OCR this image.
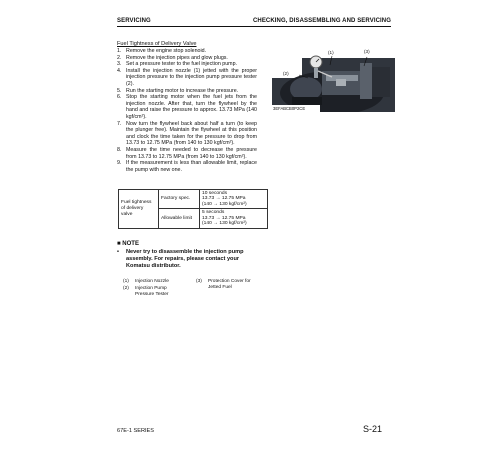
SERVICING	CHECKING, DISASSEMBLING AND SERVICING
Fuel Tightness of Delivery Valve
1. Remove the engine stop solenoid.
2. Remove the injection pipes and glow plugs.
3. Set a pressure tester to the fuel injection pump.
4. Install the injection nozzle (1) jetted with the proper injection pressure to the injection pump pressure tester (2).
5. Run the starting motor to increase the pressure.
6. Stop the starting motor when the fuel jets from the injection nozzle. After that, turn the flywheel by the hand and raise the pressure to approx. 13.73 MPa (140 kgf/cm²).
7. Now turn the flywheel back about half a turn (to keep the plunger free). Maintain the flywheel at this position and clock the time taken for the pressure to drop from 13.73 to 12.75 MPa (from 140 to 130 kgf/cm²).
8. Measure the time needed to decrease the pressure from 13.73 to 12.75 MPa (from 140 to 130 kgf/cm²).
9. If the measurement is less than allowable limit, replace the pump with new one.
Fuel tightness of delivery valve	Factory spec.	10 seconds
13.73 → 12.75 MPa
(140 → 130 kgf/cm²)

	Allowable limit	5 seconds
13.73 → 12.75 MPa
(140 → 130 kgf/cm²)
■ NOTE
•	Never try to disassemble the injection pump assembly. For repairs, please contact your Komatsu distributor.
(1)	Injection Nozzle
(2)	Injection Pump Pressure Tester
(3)	Protection Cover for Jetted Fuel
(1)	(3)
(2)
3EFABCB0P2CE
67E-1 SERIES	S-21
